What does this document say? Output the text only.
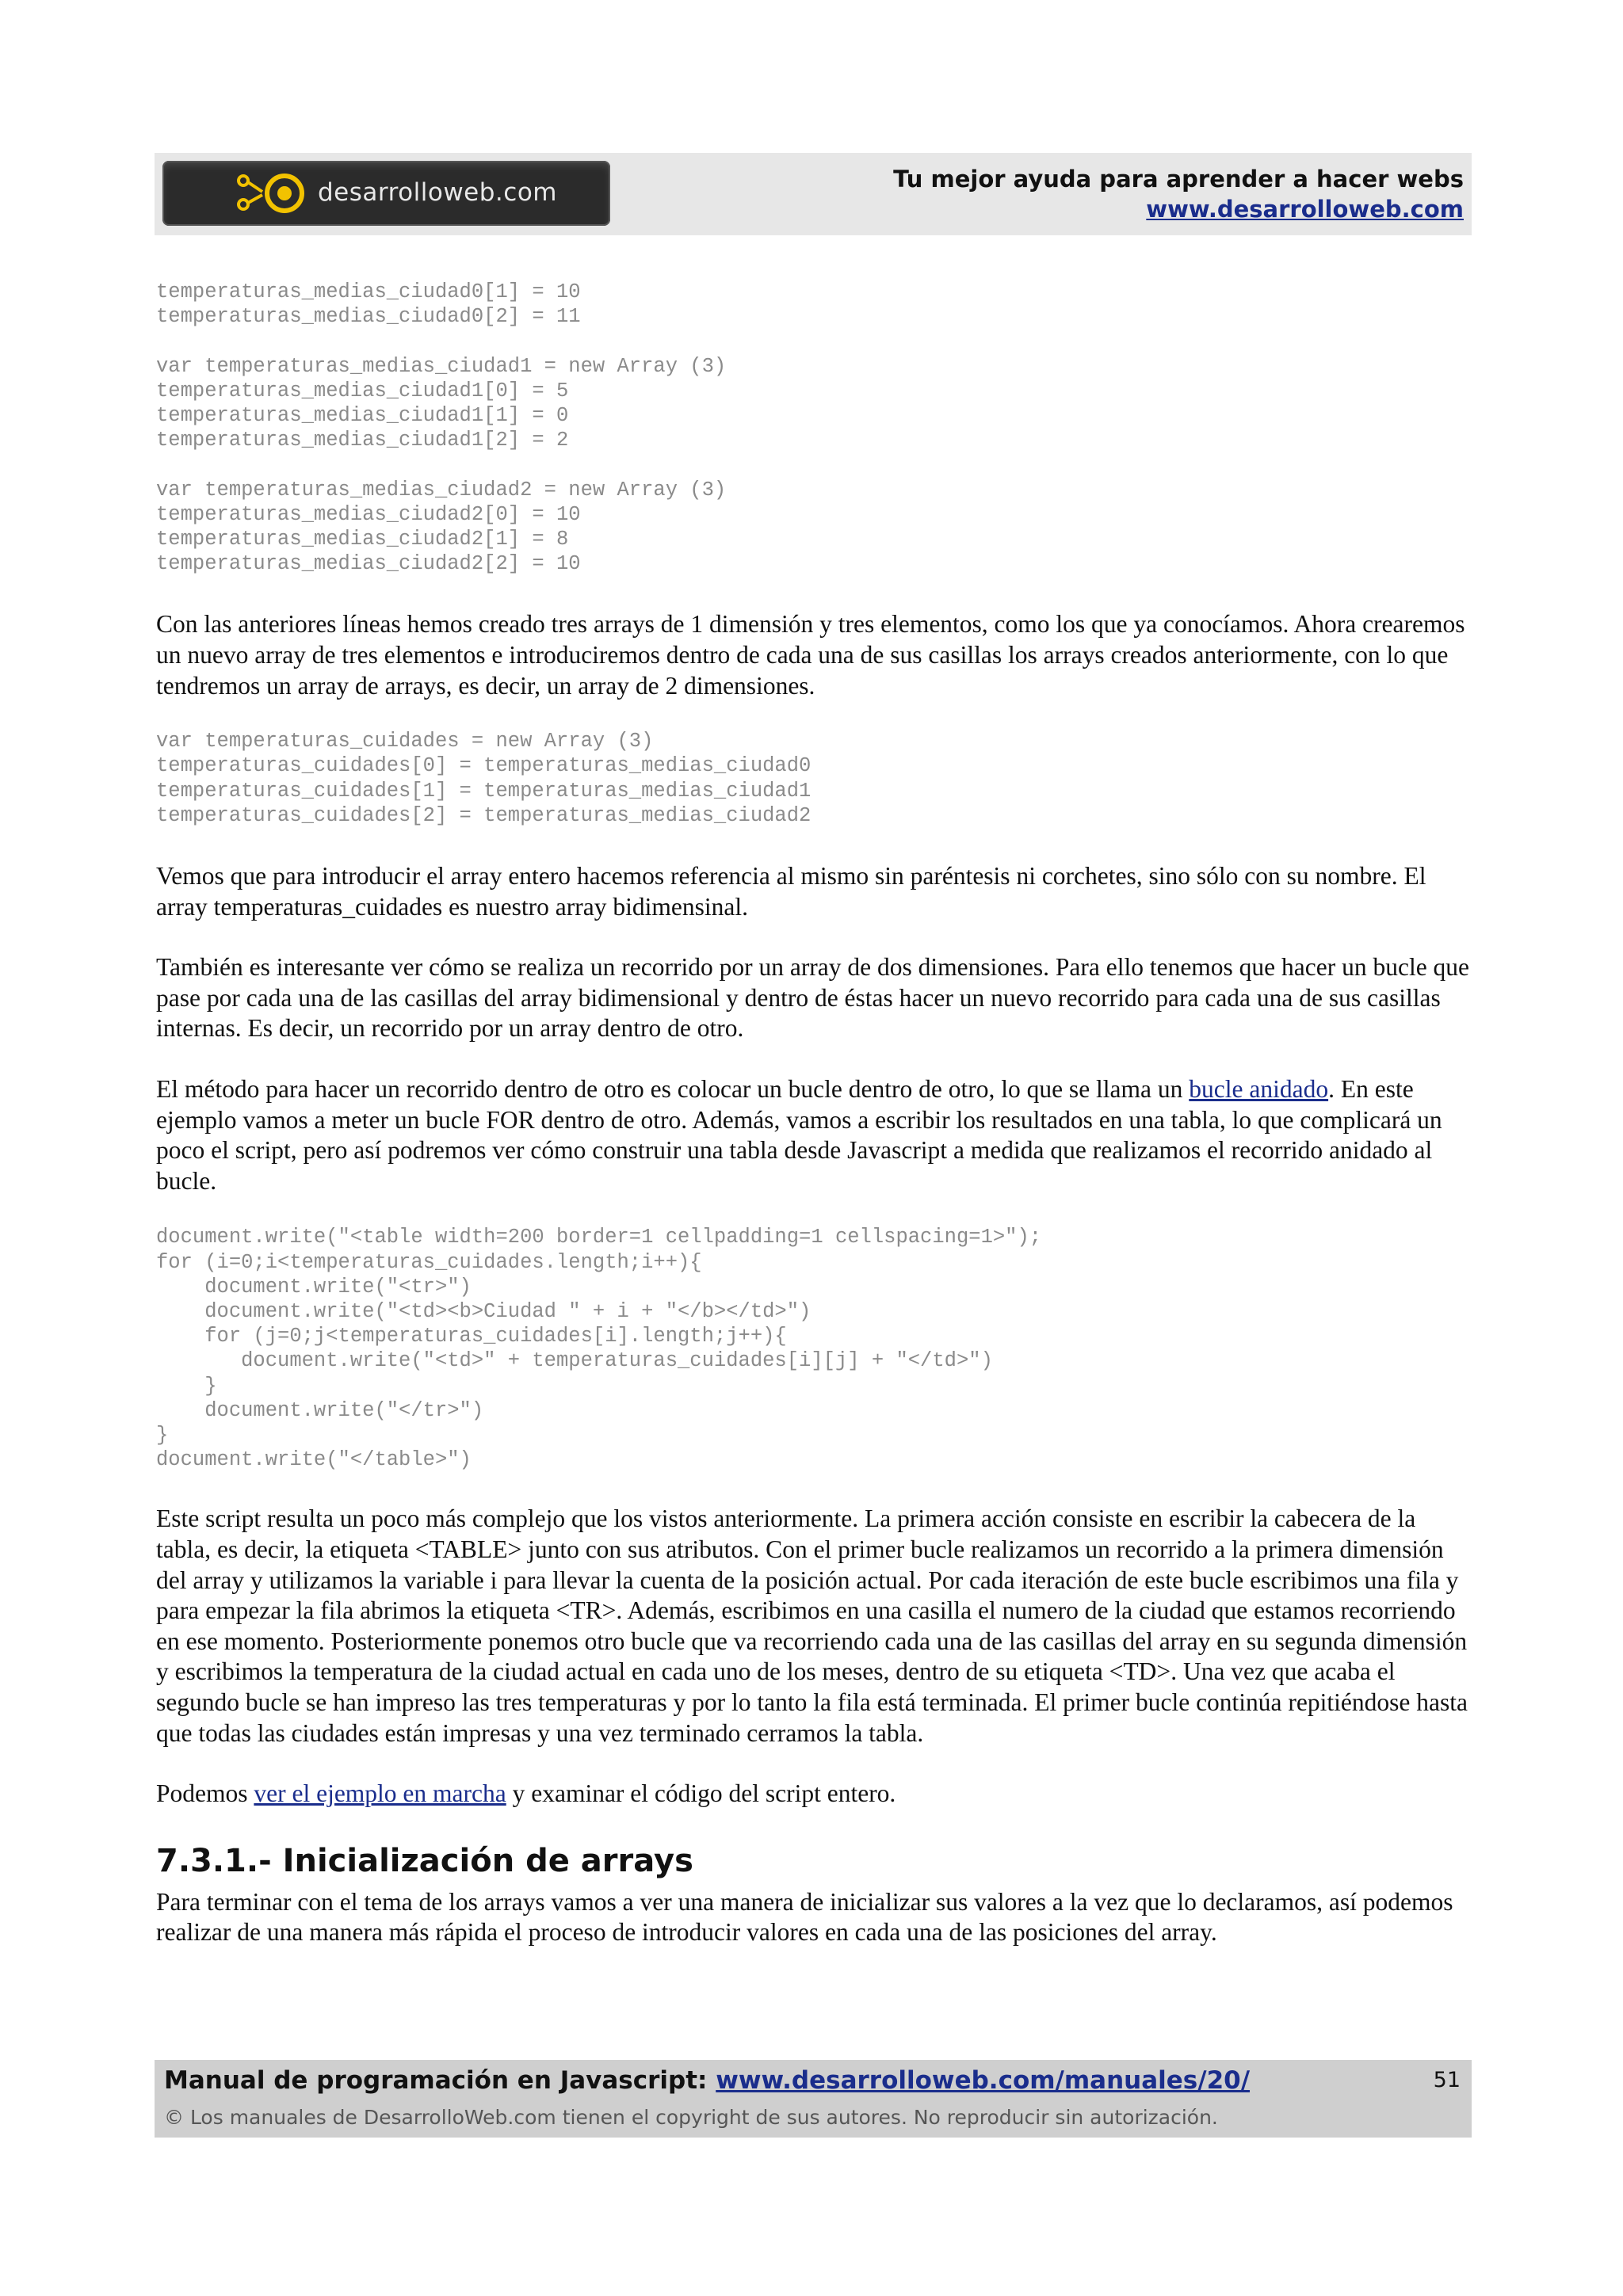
desarrolloweb.com	Tu mejor ayuda para aprender a hacer webs
www.desarrolloweb.com
temperaturas_medias_ciudad0[1] = 10
temperaturas_medias_ciudad0[2] = 11

var temperaturas_medias_ciudad1 = new Array (3)
temperaturas_medias_ciudad1[0] = 5
temperaturas_medias_ciudad1[1] = 0
temperaturas_medias_ciudad1[2] = 2

var temperaturas_medias_ciudad2 = new Array (3)
temperaturas_medias_ciudad2[0] = 10
temperaturas_medias_ciudad2[1] = 8
temperaturas_medias_ciudad2[2] = 10

Con las anteriores líneas hemos creado tres arrays de 1 dimensión y tres elementos, como los que ya conocíamos. Ahora crearemos un nuevo array de tres elementos e introduciremos dentro de cada una de sus casillas los arrays creados anteriormente, con lo que tendremos un array de arrays, es decir, un array de 2 dimensiones.

var temperaturas_cuidades = new Array (3)
temperaturas_cuidades[0] = temperaturas_medias_ciudad0
temperaturas_cuidades[1] = temperaturas_medias_ciudad1
temperaturas_cuidades[2] = temperaturas_medias_ciudad2

Vemos que para introducir el array entero hacemos referencia al mismo sin paréntesis ni corchetes, sino sólo con su nombre. El array temperaturas_cuidades es nuestro array bidimensinal.

También es interesante ver cómo se realiza un recorrido por un array de dos dimensiones. Para ello tenemos que hacer un bucle que pase por cada una de las casillas del array bidimensional y dentro de éstas hacer un nuevo recorrido para cada una de sus casillas internas. Es decir, un recorrido por un array dentro de otro.

El método para hacer un recorrido dentro de otro es colocar un bucle dentro de otro, lo que se llama un bucle anidado. En este ejemplo vamos a meter un bucle FOR dentro de otro. Además, vamos a escribir los resultados en una tabla, lo que complicará un poco el script, pero así podremos ver cómo construir una tabla desde Javascript a medida que realizamos el recorrido anidado al bucle.

document.write("<table width=200 border=1 cellpadding=1 cellspacing=1>");
for (i=0;i<temperaturas_cuidades.length;i++){
document.write("<tr>")
document.write("<td><b>Ciudad " + i + "</b></td>")
for (j=0;j<temperaturas_cuidades[i].length;j++){
document.write("<td>" + temperaturas_cuidades[i][j] + "</td>")
}
document.write("</tr>")
}
document.write("</table>")

Este script resulta un poco más complejo que los vistos anteriormente. La primera acción consiste en escribir la cabecera de la tabla, es decir, la etiqueta <TABLE> junto con sus atributos. Con el primer bucle realizamos un recorrido a la primera dimensión del array y utilizamos la variable i para llevar la cuenta de la posición actual. Por cada iteración de este bucle escribimos una fila y para empezar la fila abrimos la etiqueta <TR>. Además, escribimos en una casilla el numero de la ciudad que estamos recorriendo en ese momento. Posteriormente ponemos otro bucle que va recorriendo cada una de las casillas del array en su segunda dimensión y escribimos la temperatura de la ciudad actual en cada uno de los meses, dentro de su etiqueta <TD>. Una vez que acaba el segundo bucle se han impreso las tres temperaturas y por lo tanto la fila está terminada. El primer bucle continúa repitiéndose hasta que todas las ciudades están impresas y una vez terminado cerramos la tabla.

Podemos ver el ejemplo en marcha y examinar el código del script entero.

7.3.1.- Inicialización de arrays

Para terminar con el tema de los arrays vamos a ver una manera de inicializar sus valores a la vez que lo declaramos, así podemos realizar de una manera más rápida el proceso de introducir valores en cada una de las posiciones del array.

Manual de programación en Javascript: www.desarrolloweb.com/manuales/20/
© Los manuales de DesarrolloWeb.com tienen el copyright de sus autores. No reproducir sin autorización.
51
